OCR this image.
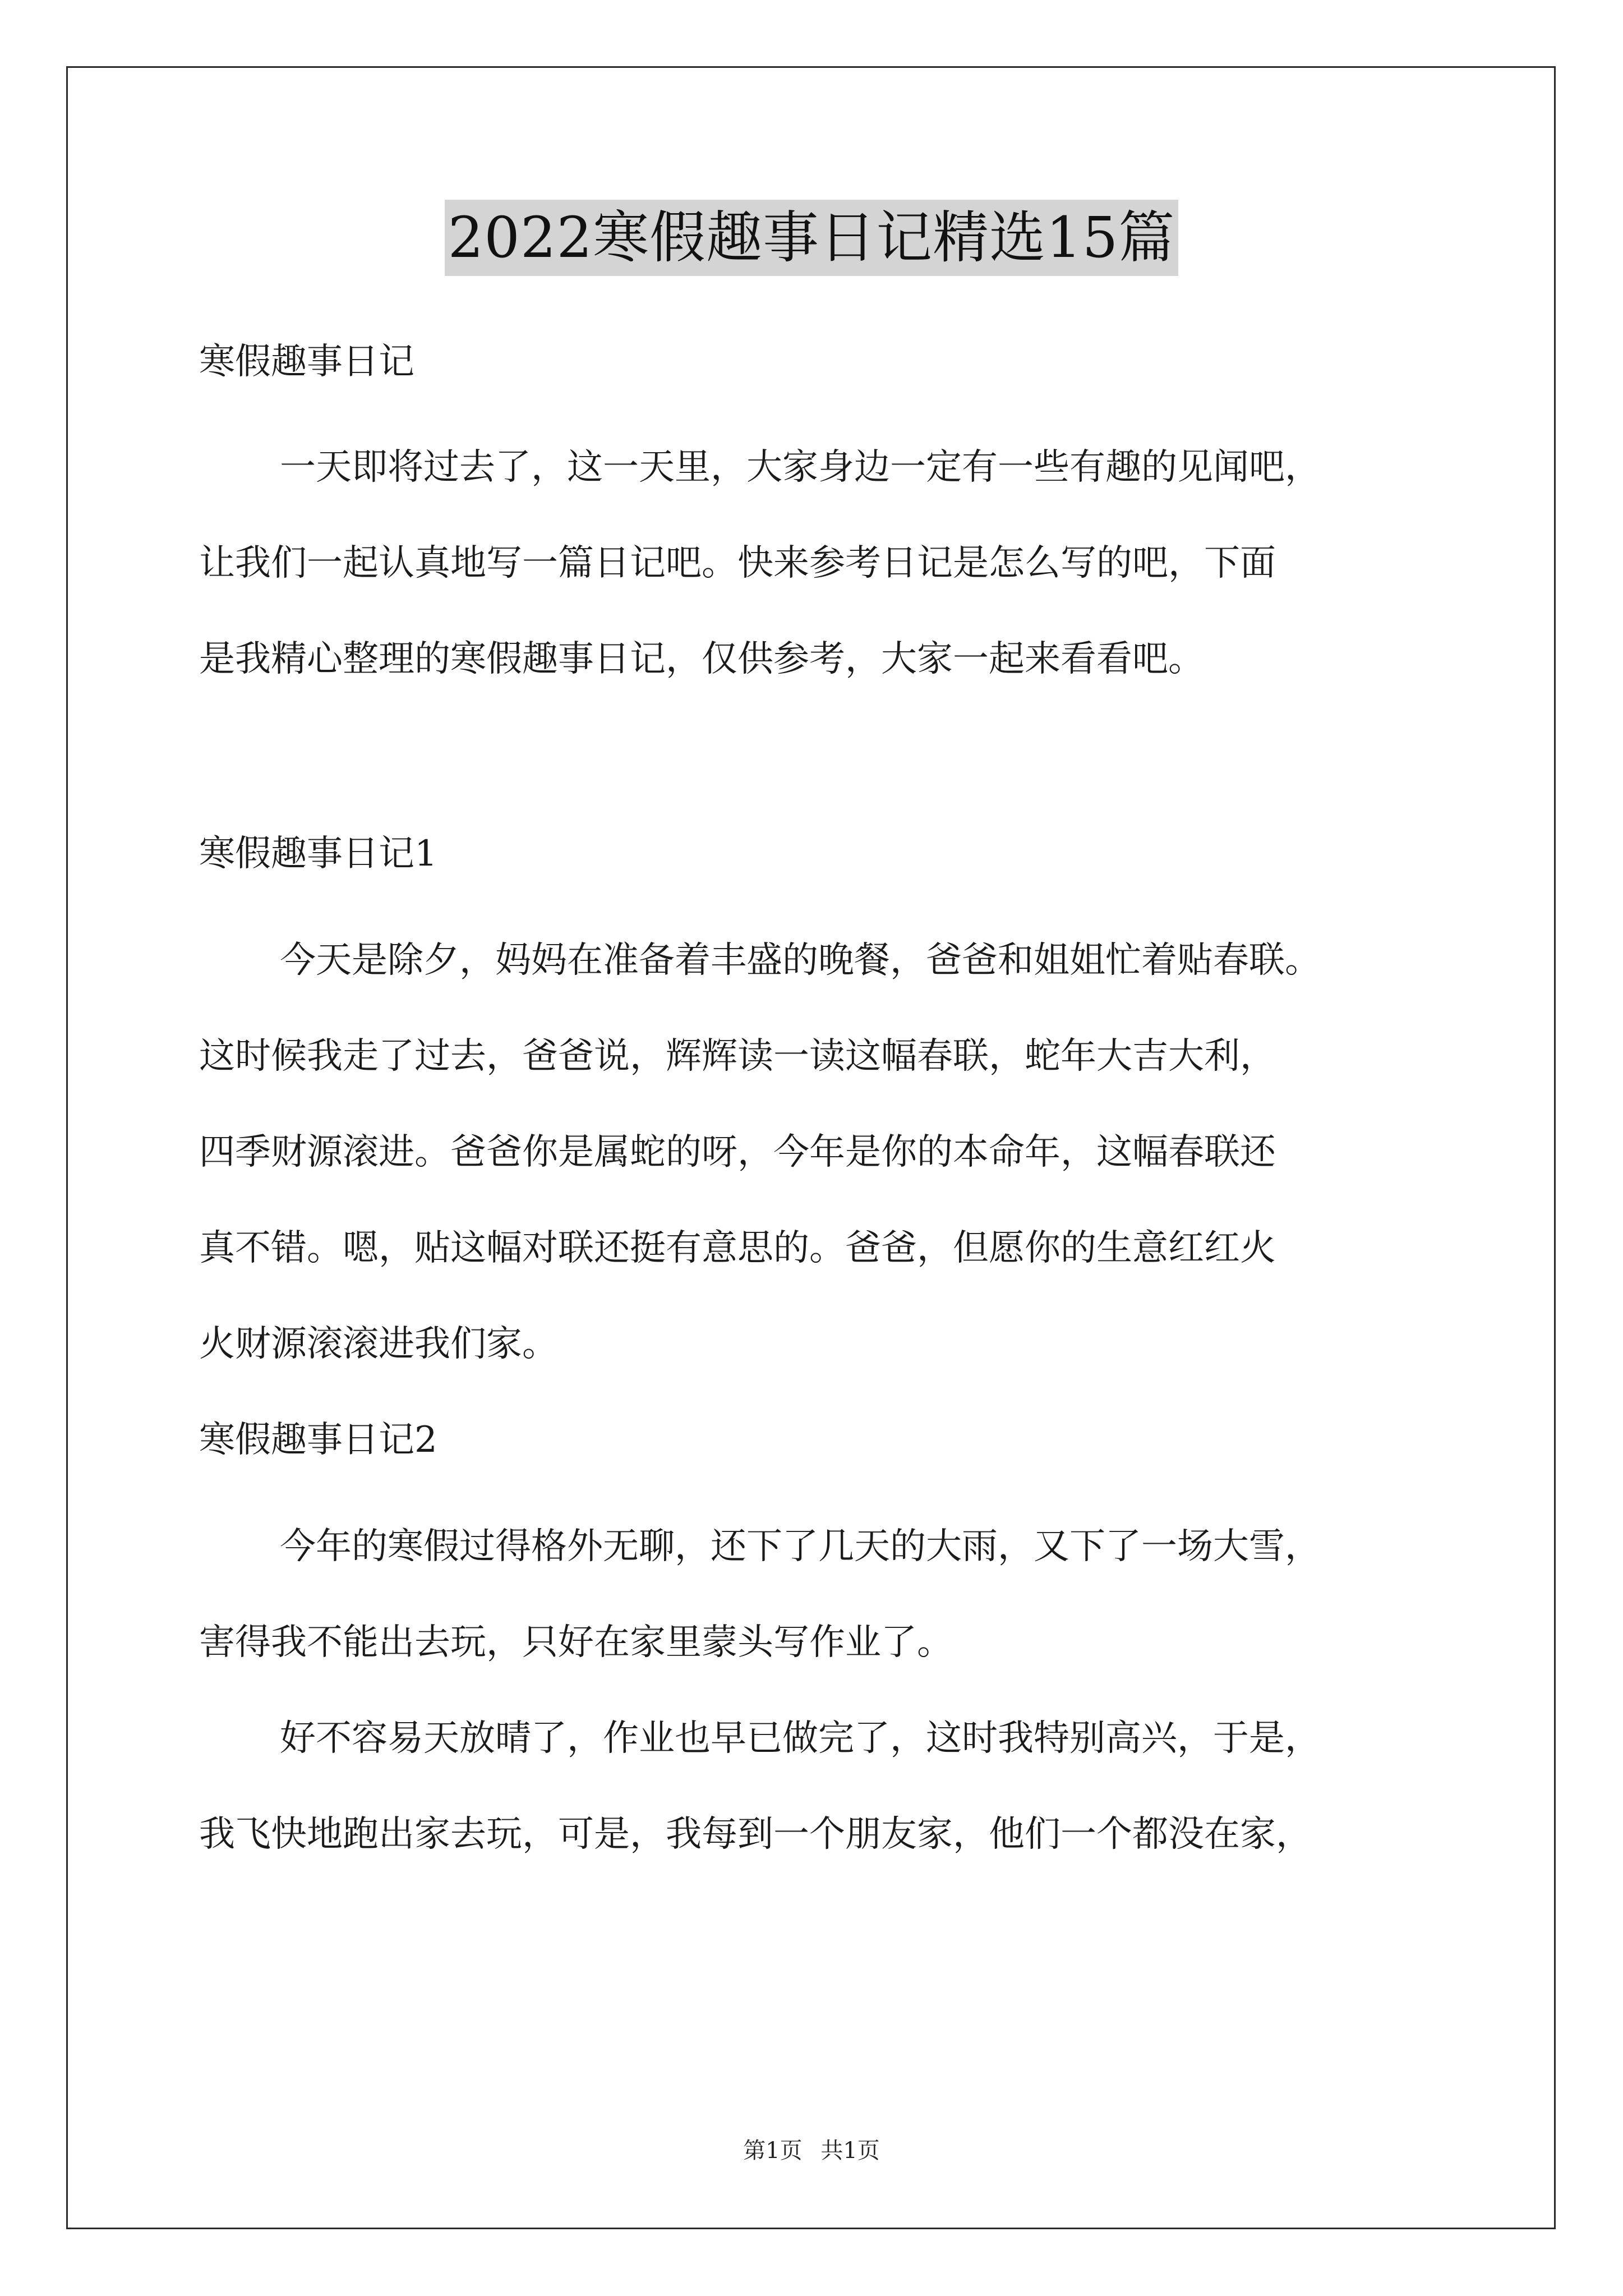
2022寒假趣事日记精选15篇

寒假趣事日记

一天即将过去了，这一天里，大家身边一定有一些有趣的见闻吧，

让我们一起认真地写一篇日记吧。快来参考日记是怎么写的吧，下面

是我精心整理的寒假趣事日记，仅供参考，大家一起来看看吧。

寒假趣事日记1

今天是除夕，妈妈在准备着丰盛的晚餐，爸爸和姐姐忙着贴春联。

这时候我走了过去，爸爸说，辉辉读一读这幅春联，蛇年大吉大利，

四季财源滚进。爸爸你是属蛇的呀，今年是你的本命年，这幅春联还

真不错。嗯，贴这幅对联还挺有意思的。爸爸，但愿你的生意红红火

火财源滚滚进我们家。

寒假趣事日记2

今年的寒假过得格外无聊，还下了几天的大雨，又下了一场大雪，

害得我不能出去玩，只好在家里蒙头写作业了。

好不容易天放晴了，作业也早已做完了，这时我特别高兴，于是，

我飞快地跑出家去玩，可是，我每到一个朋友家，他们一个都没在家，

第1页 共1页
